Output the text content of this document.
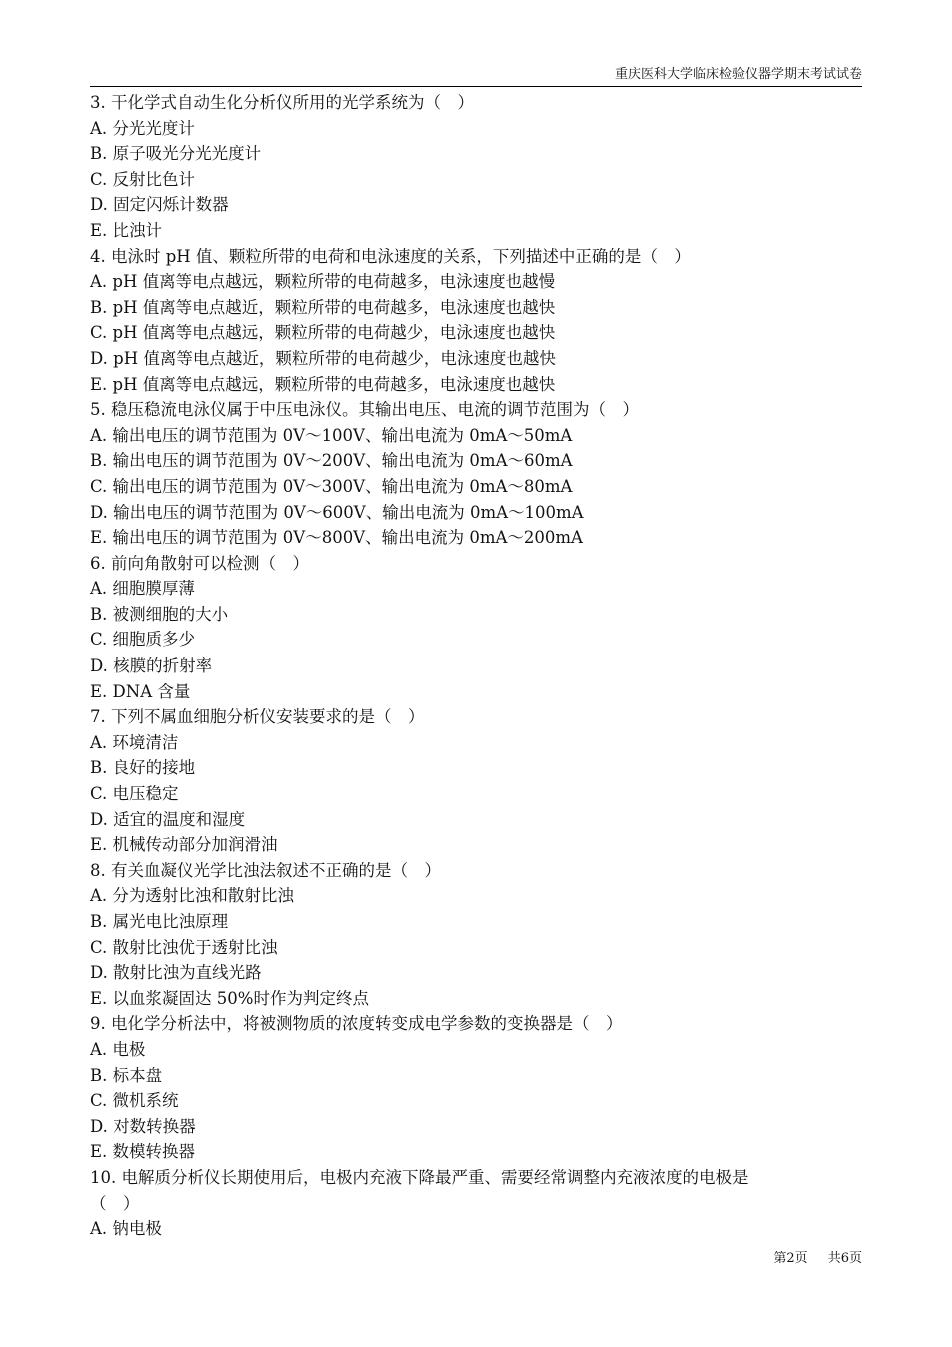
重庆医科大学临床检验仪器学期末考试试卷
3. 干化学式自动生化分析仪所用的光学系统为（　）
A. 分光光度计
B. 原子吸光分光光度计
C. 反射比色计
D. 固定闪烁计数器
E. 比浊计
4. 电泳时 pH 值、颗粒所带的电荷和电泳速度的关系，下列描述中正确的是（　）
A. pH 值离等电点越远，颗粒所带的电荷越多，电泳速度也越慢
B. pH 值离等电点越近，颗粒所带的电荷越多，电泳速度也越快
C. pH 值离等电点越远，颗粒所带的电荷越少，电泳速度也越快
D. pH 值离等电点越近，颗粒所带的电荷越少，电泳速度也越快
E. pH 值离等电点越远，颗粒所带的电荷越多，电泳速度也越快
5. 稳压稳流电泳仪属于中压电泳仪。其输出电压、电流的调节范围为（　）
A. 输出电压的调节范围为 0V～100V、输出电流为 0mA～50mA
B. 输出电压的调节范围为 0V～200V、输出电流为 0mA～60mA
C. 输出电压的调节范围为 0V～300V、输出电流为 0mA～80mA
D. 输出电压的调节范围为 0V～600V、输出电流为 0mA～100mA
E. 输出电压的调节范围为 0V～800V、输出电流为 0mA～200mA
6. 前向角散射可以检测（　）
A. 细胞膜厚薄
B. 被测细胞的大小
C. 细胞质多少
D. 核膜的折射率
E. DNA 含量
7. 下列不属血细胞分析仪安装要求的是（　）
A. 环境清洁
B. 良好的接地
C. 电压稳定
D. 适宜的温度和湿度
E. 机械传动部分加润滑油
8. 有关血凝仪光学比浊法叙述不正确的是（　）
A. 分为透射比浊和散射比浊
B. 属光电比浊原理
C. 散射比浊优于透射比浊
D. 散射比浊为直线光路
E. 以血浆凝固达 50%时作为判定终点
9. 电化学分析法中，将被测物质的浓度转变成电学参数的变换器是（　）
A. 电极
B. 标本盘
C. 微机系统
D. 对数转换器
E. 数模转换器
10. 电解质分析仪长期使用后，电极内充液下降最严重、需要经常调整内充液浓度的电极是
（　）
A. 钠电极
第2页 共6页
